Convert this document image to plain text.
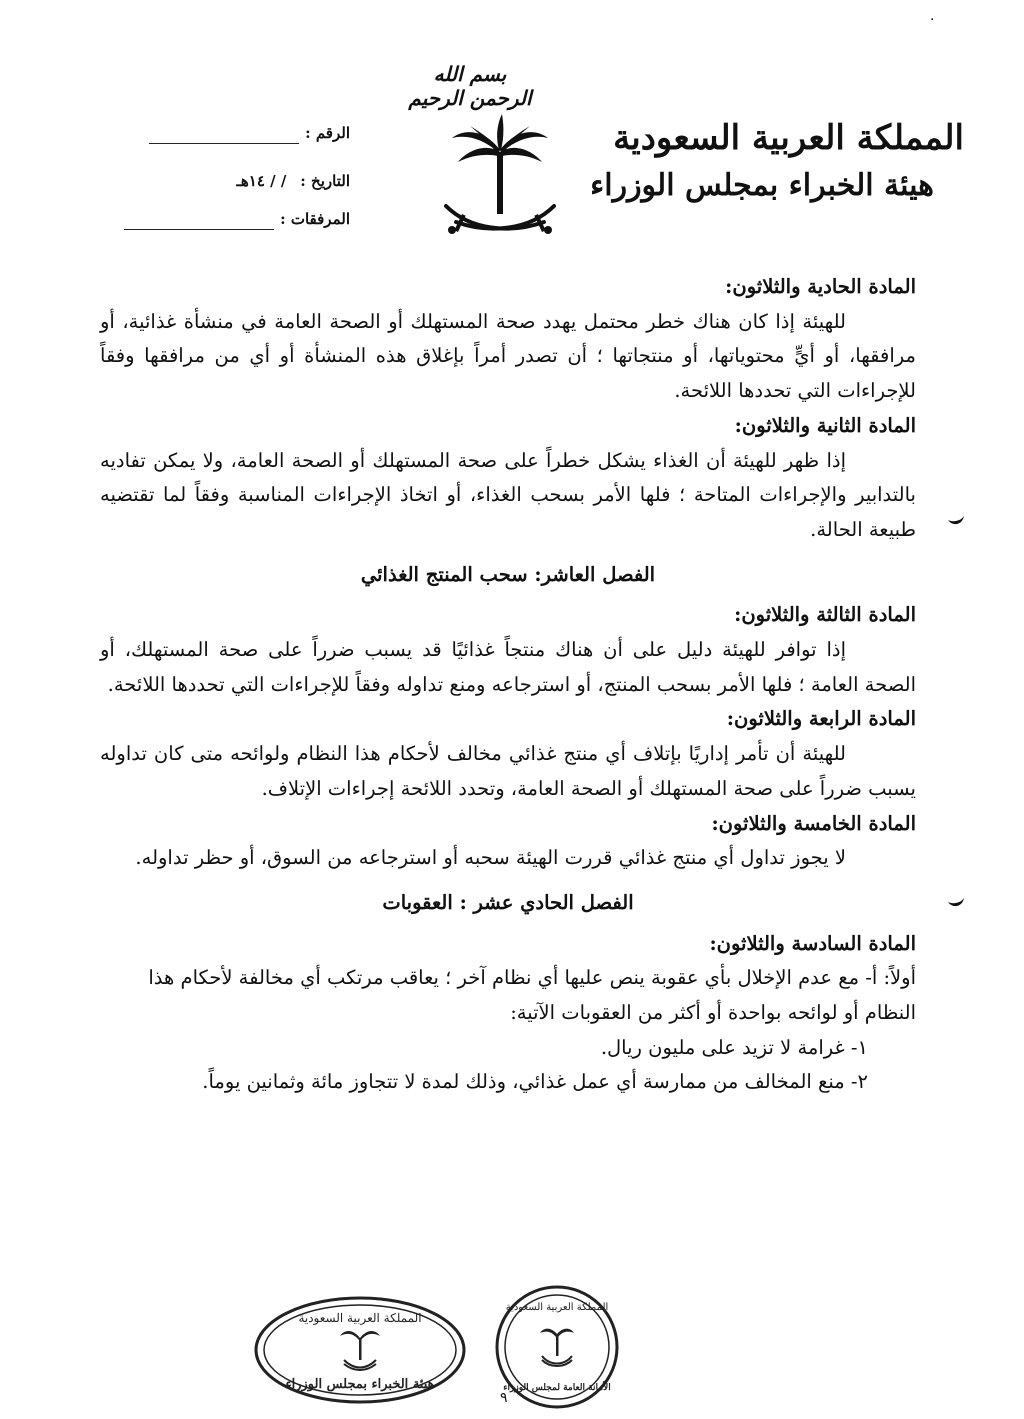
·
بسم الله الرحمن الرحيم
المملكة العربية السعودية
هيئة الخبراء بمجلس الوزراء
الرقم :
التاريخ :/ / ١٤هـ
المرفقات :

المادة الحادية والثلاثون:

للهيئة إذا كان هناك خطر محتمل يهدد صحة المستهلك أو الصحة العامة في منشأة غذائية، أو مرافقها، أو أيٍّ محتوياتها، أو منتجاتها ؛ أن تصدر أمراً بإغلاق هذه المنشأة أو أي من مرافقها وفقاً للإجراءات التي تحددها اللائحة.

المادة الثانية والثلاثون:

إذا ظهر للهيئة أن الغذاء يشكل خطراً على صحة المستهلك أو الصحة العامة، ولا يمكن تفاديه بالتدابير والإجراءات المتاحة ؛ فلها الأمر بسحب الغذاء، أو اتخاذ الإجراءات المناسبة وفقاً لما تقتضيه طبيعة الحالة.

الفصل العاشر: سحب المنتج الغذائي

المادة الثالثة والثلاثون:

إذا توافر للهيئة دليل على أن هناك منتجاً غذائيًا قد يسبب ضرراً على صحة المستهلك، أو الصحة العامة ؛ فلها الأمر بسحب المنتج، أو استرجاعه ومنع تداوله وفقاً للإجراءات التي تحددها اللائحة.

المادة الرابعة والثلاثون:

للهيئة أن تأمر إداريًا بإتلاف أي منتج غذائي مخالف لأحكام هذا النظام ولوائحه متى كان تداوله يسبب ضرراً على صحة المستهلك أو الصحة العامة، وتحدد اللائحة إجراءات الإتلاف.

المادة الخامسة والثلاثون:

لا يجوز تداول أي منتج غذائي قررت الهيئة سحبه أو استرجاعه من السوق، أو حظر تداوله.

الفصل الحادي عشر : العقوبات

المادة السادسة والثلاثون:

أولاً: أ- مع عدم الإخلال بأي عقوبة ينص عليها أي نظام آخر ؛ يعاقب مرتكب أي مخالفة لأحكام هذا النظام أو لوائحه بواحدة أو أكثر من العقوبات الآتية:

١- غرامة لا تزيد على مليون ريال.

٢- منع المخالف من ممارسة أي عمل غذائي، وذلك لمدة لا تتجاوز مائة وثمانين يوماً.

المملكة العربية السعودية
هيئة الخبراء بمجلس الوزراء
المملكة العربية السعودية
الأمانة العامة لمجلس الوزراء
٩
